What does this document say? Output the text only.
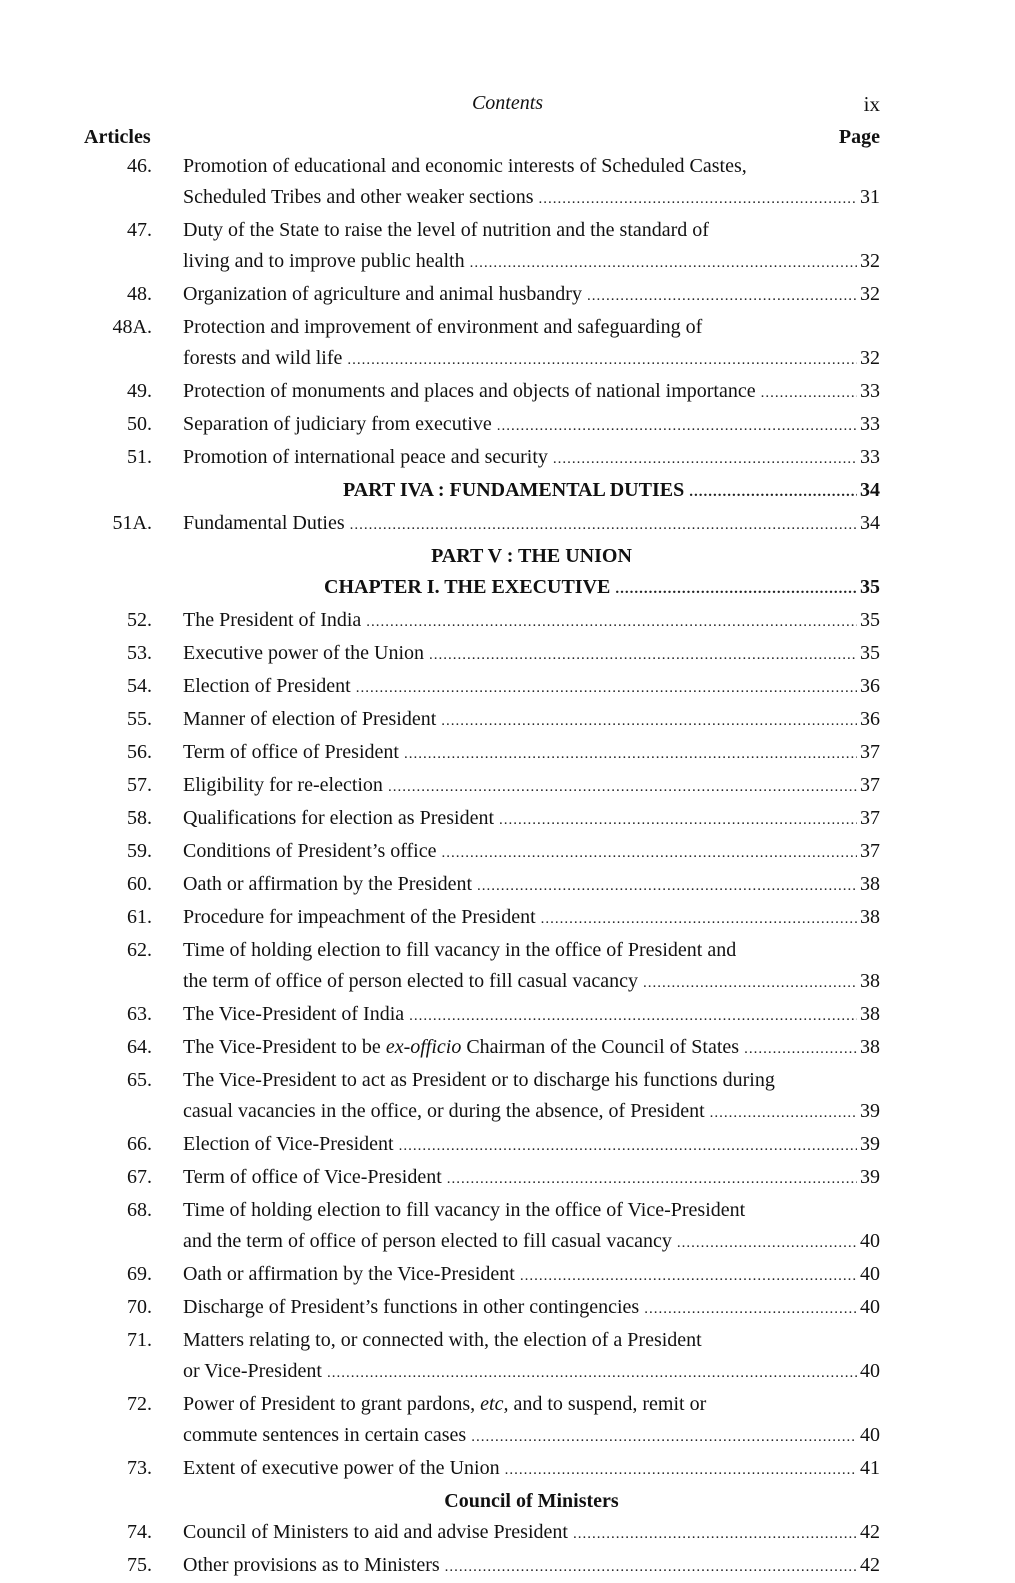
Contents	ix
Articles	Page
46. Promotion of educational and economic interests of Scheduled Castes,
Scheduled Tribes and other weaker sections .....	31
47. Duty of the State to raise the level of nutrition and the standard of
living and to improve public health .....	32
48. Organization of agriculture and animal husbandry .....	32
48A. Protection and improvement of environment and safeguarding of
forests and wild life .....	32
49. Protection of monuments and places and objects of national importance .....	33
50. Separation of judiciary from executive .....	33
51. Promotion of international peace and security .....	33
PART IVA : FUNDAMENTAL DUTIES .....	34
51A. Fundamental Duties .....	34
PART V : THE UNION
CHAPTER I. THE EXECUTIVE .....	35
52. The President of India .....	35
53. Executive power of the Union .....	35
54. Election of President .....	36
55. Manner of election of President .....	36
56. Term of office of President .....	37
57. Eligibility for re-election .....	37
58. Qualifications for election as President .....	37
59. Conditions of President’s office .....	37
60. Oath or affirmation by the President .....	38
61. Procedure for impeachment of the President .....	38
62. Time of holding election to fill vacancy in the office of President and
the term of office of person elected to fill casual vacancy .....	38
63. The Vice-President of India .....	38
64. The Vice-President to be ex-officio Chairman of the Council of States .....	38
65. The Vice-President to act as President or to discharge his functions during
casual vacancies in the office, or during the absence, of President .....	39
66. Election of Vice-President .....	39
67. Term of office of Vice-President .....	39
68. Time of holding election to fill vacancy in the office of Vice-President
and the term of office of person elected to fill casual vacancy .....	40
69. Oath or affirmation by the Vice-President .....	40
70. Discharge of President’s functions in other contingencies .....	40
71. Matters relating to, or connected with, the election of a President
or Vice-President .....	40
72. Power of President to grant pardons, etc, and to suspend, remit or
commute sentences in certain cases .....	40
73. Extent of executive power of the Union .....	41
Council of Ministers
74. Council of Ministers to aid and advise President .....	42
75. Other provisions as to Ministers .....	42
